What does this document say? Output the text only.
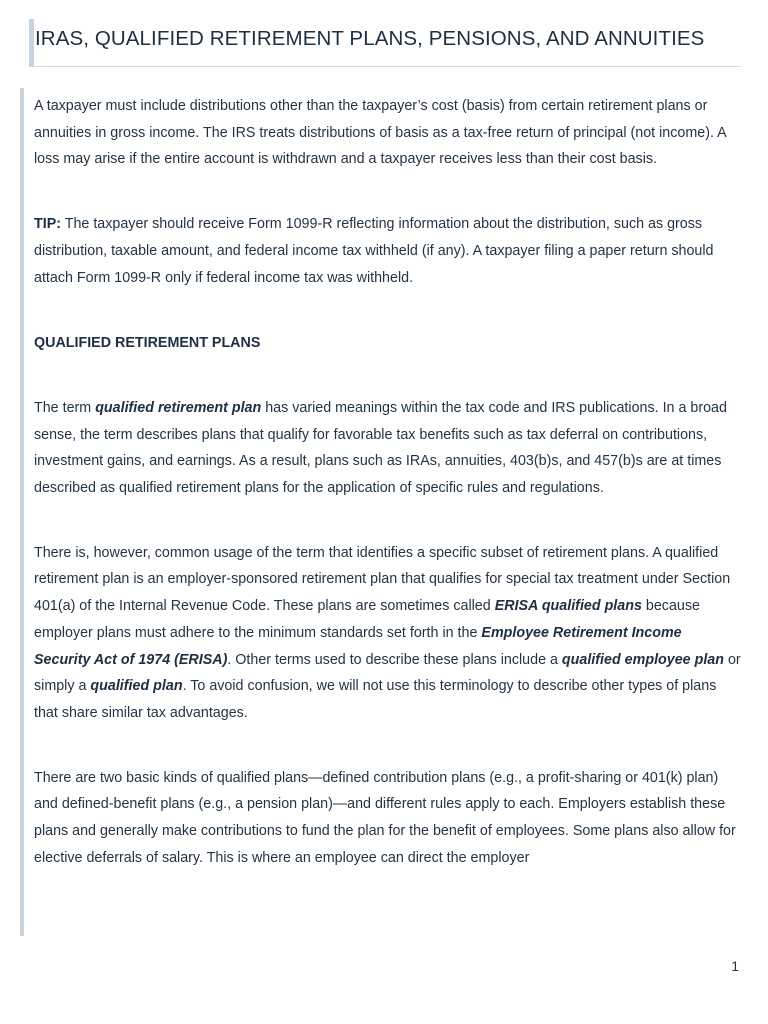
IRAS, QUALIFIED RETIREMENT PLANS, PENSIONS, AND ANNUITIES

A taxpayer must include distributions other than the taxpayer’s cost (basis) from certain retirement plans or annuities in gross income. The IRS treats distributions of basis as a tax-free return of principal (not income). A loss may arise if the entire account is withdrawn and a taxpayer receives less than their cost basis.

TIP: The taxpayer should receive Form 1099-R reflecting information about the distribution, such as gross distribution, taxable amount, and federal income tax withheld (if any). A taxpayer filing a paper return should attach Form 1099-R only if federal income tax was withheld.

QUALIFIED RETIREMENT PLANS

The term qualified retirement plan has varied meanings within the tax code and IRS publications. In a broad sense, the term describes plans that qualify for favorable tax benefits such as tax deferral on contributions, investment gains, and earnings. As a result, plans such as IRAs, annuities, 403(b)s, and 457(b)s are at times described as qualified retirement plans for the application of specific rules and regulations.

There is, however, common usage of the term that identifies a specific subset of retirement plans. A qualified retirement plan is an employer-sponsored retirement plan that qualifies for special tax treatment under Section 401(a) of the Internal Revenue Code. These plans are sometimes called ERISA qualified plans because employer plans must adhere to the minimum standards set forth in the Employee Retirement Income Security Act of 1974 (ERISA). Other terms used to describe these plans include a qualified employee plan or simply a qualified plan. To avoid confusion, we will not use this terminology to describe other types of plans that share similar tax advantages.

There are two basic kinds of qualified plans—defined contribution plans (e.g., a profit-sharing or 401(k) plan) and defined-benefit plans (e.g., a pension plan)—and different rules apply to each. Employers establish these plans and generally make contributions to fund the plan for the benefit of employees. Some plans also allow for elective deferrals of salary. This is where an employee can direct the employer

1
